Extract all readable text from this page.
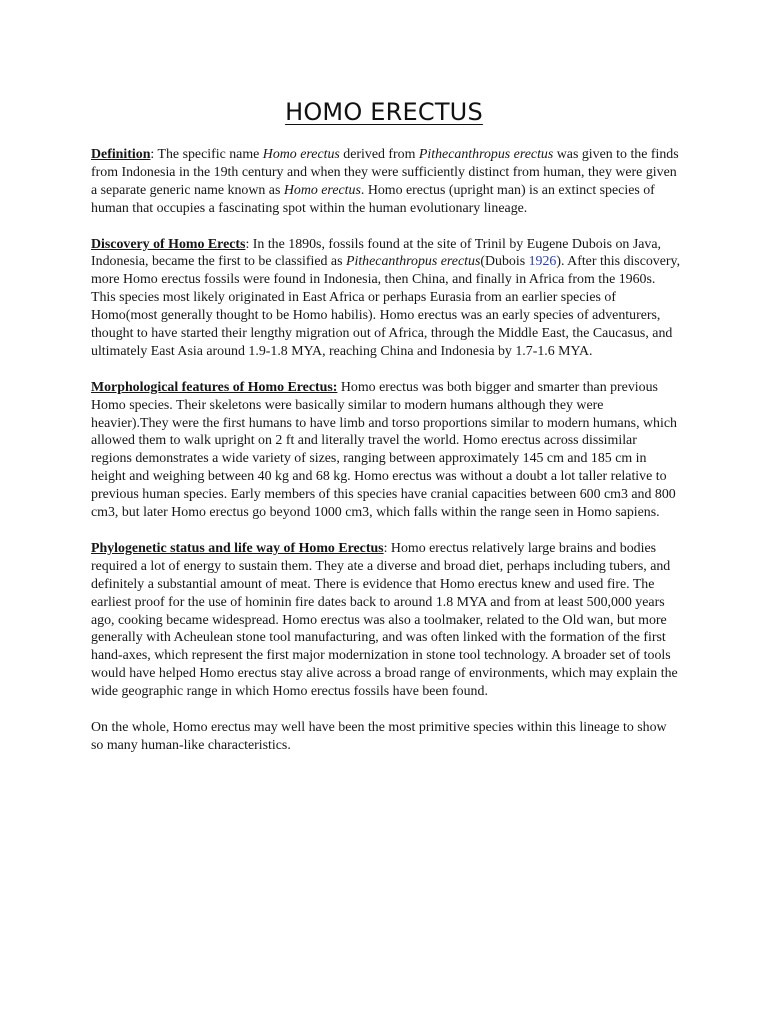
HOMO ERECTUS

Definition: The specific name Homo erectus derived from Pithecanthropus erectus was given to the finds from Indonesia in the 19th century and when they were sufficiently distinct from human, they were given a separate generic name known as Homo erectus. Homo erectus (upright man) is an extinct species of human that occupies a fascinating spot within the human evolutionary lineage.

Discovery of Homo Erects: In the 1890s, fossils found at the site of Trinil by Eugene Dubois on Java, Indonesia, became the first to be classified as Pithecanthropus erectus(Dubois 1926). After this discovery, more Homo erectus fossils were found in Indonesia, then China, and finally in Africa from the 1960s. This species most likely originated in East Africa or perhaps Eurasia from an earlier species of Homo(most generally thought to be Homo habilis). Homo erectus was an early species of adventurers,
thought to have started their lengthy migration out of Africa, through the Middle East, the Caucasus, and ultimately East Asia around 1.9-1.8 MYA, reaching China and Indonesia by 1.7-1.6 MYA.

Morphological features of Homo Erectus: Homo erectus was both bigger and smarter than previous Homo species. Their skeletons were basically similar to modern humans although they were heavier).They were the first humans to have limb and torso proportions similar to modern humans, which allowed them to walk upright on 2 ft and literally travel the world. Homo erectus across dissimilar regions demonstrates a wide variety of sizes, ranging between approximately 145 cm and 185 cm in height and weighing between 40 kg and 68 kg. Homo erectus was without a doubt a lot taller relative to previous human species. Early members of this species have cranial capacities between 600 cm3 and 800 cm3, but later Homo erectus go beyond 1000 cm3, which falls within the range seen in Homo sapiens.

Phylogenetic status and life way of Homo Erectus: Homo erectus relatively large brains and bodies required a lot of energy to sustain them. They ate a diverse and broad diet, perhaps including tubers, and definitely a substantial amount of meat. There is evidence that Homo erectus knew and used fire. The earliest proof for the use of hominin fire dates back to around 1.8 MYA and from at least 500,000 years ago, cooking became widespread. Homo erectus was also a toolmaker, related to the Old wan, but more generally with Acheulean stone tool manufacturing, and was often linked with the formation of the first hand-axes, which represent the first major modernization in stone tool technology. A broader set of tools would have helped Homo erectus stay alive across a broad range of environments, which may explain the wide geographic range in which Homo erectus fossils have been found.

On the whole, Homo erectus may well have been the most primitive species within this lineage to show so many human-like characteristics.
